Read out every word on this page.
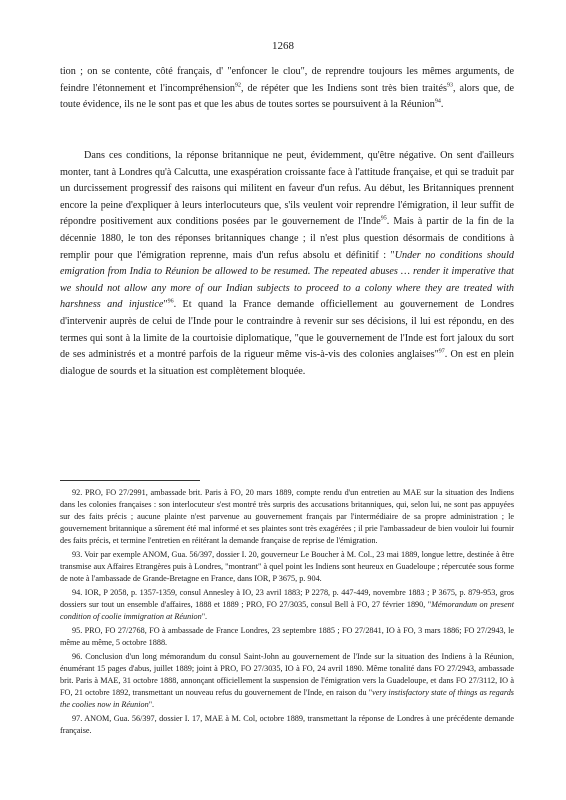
1268

tion ; on se contente, côté français, d' "enfoncer le clou", de reprendre toujours les mêmes arguments, de feindre l'étonnement et l'incompréhension$^{92}$, de répéter que les Indiens sont très bien traités$^{93}$, alors que, de toute évidence, ils ne le sont pas et que les abus de toutes sortes se poursuivent à la Réunion$^{94}$.

Dans ces conditions, la réponse britannique ne peut, évidemment, qu'être négative. On sent d'ailleurs monter, tant à Londres qu'à Calcutta, une exaspération croissante face à l'attitude française, et qui se traduit par un durcissement progressif des raisons qui militent en faveur d'un refus. Au début, les Britanniques prennent encore la peine d'expliquer à leurs interlocuteurs que, s'ils veulent voir reprendre l'émigration, il leur suffit de répondre positivement aux conditions posées par le gouvernement de l'Inde$^{95}$. Mais à partir de la fin de la décennie 1880, le ton des réponses britanniques change ; il n'est plus question désormais de conditions à remplir pour que l'émigration reprenne, mais d'un refus absolu et définitif : "Under no conditions should emigration from India to Réunion be allowed to be resumed. The repeated abuses … render it imperative that we should not allow any more of our Indian subjects to proceed to a colony where they are treated with harshness and injustice"$^{96}$. Et quand la France demande officiellement au gouvernement de Londres d'intervenir auprès de celui de l'Inde pour le contraindre à revenir sur ses décisions, il lui est répondu, en des termes qui sont à la limite de la courtoisie diplomatique, "que le gouvernement de l'Inde est fort jaloux du sort de ses administrés et a montré parfois de la rigueur même vis-à-vis des colonies anglaises"$^{97}$. On est en plein dialogue de sourds et la situation est complètement bloquée.

92. PRO, FO 27/2991, ambassade brit. Paris à FO, 20 mars 1889, compte rendu d'un entretien au MAE sur la situation des Indiens dans les colonies françaises : son interlocuteur s'est montré très surpris des accusations britanniques, qui, selon lui, ne sont pas appuyées sur des faits précis ; aucune plainte n'est parvenue au gouvernement français par l'intermédiaire de sa propre administration ; le gouvernement britannique a sûrement été mal informé et ses plaintes sont très exagérées ; il prie l'ambassadeur de bien vouloir lui fournir des faits précis, et termine l'entretien en réitérant la demande française de reprise de l'émigration.

93. Voir par exemple ANOM, Gua. 56/397, dossier I. 20, gouverneur Le Boucher à M. Col., 23 mai 1889, longue lettre, destinée à être transmise aux Affaires Etrangères puis à Londres, "montrant" à quel point les Indiens sont heureux en Guadeloupe ; répercutée sous forme de note à l'ambassade de Grande-Bretagne en France, dans IOR, P 3675, p. 904.

94. IOR, P 2058, p. 1357-1359, consul Annesley à IO, 23 avril 1883; P 2278, p. 447-449, novembre 1883 ; P 3675, p. 879-953, gros dossiers sur tout un ensemble d'affaires, 1888 et 1889 ; PRO, FO 27/3035, consul Bell à FO, 27 février 1890, "Mémorandum on present condition of coolie immigration at Réunion".

95. PRO, FO 27/2768, FO à ambassade de France Londres, 23 septembre 1885 ; FO 27/2841, IO à FO, 3 mars 1886; FO 27/2943, le même au même, 5 octobre 1888.

96. Conclusion d'un long mémorandum du consul Saint-John au gouvernement de l'Inde sur la situation des Indiens à la Réunion, énumérant 15 pages d'abus, juillet 1889; joint à PRO, FO 27/3035, IO à FO, 24 avril 1890. Même tonalité dans FO 27/2943, ambassade brit. Paris à MAE, 31 octobre 1888, annonçant officiellement la suspension de l'émigration vers la Guadeloupe, et dans FO 27/3112, IO à FO, 21 octobre 1892, transmettant un nouveau refus du gouvernement de l'Inde, en raison du "very instisfactory state of things as regards the coolies now in Réunion".

97. ANOM, Gua. 56/397, dossier I. 17, MAE à M. Col, octobre 1889, transmettant la réponse de Londres à une précédente demande française.
